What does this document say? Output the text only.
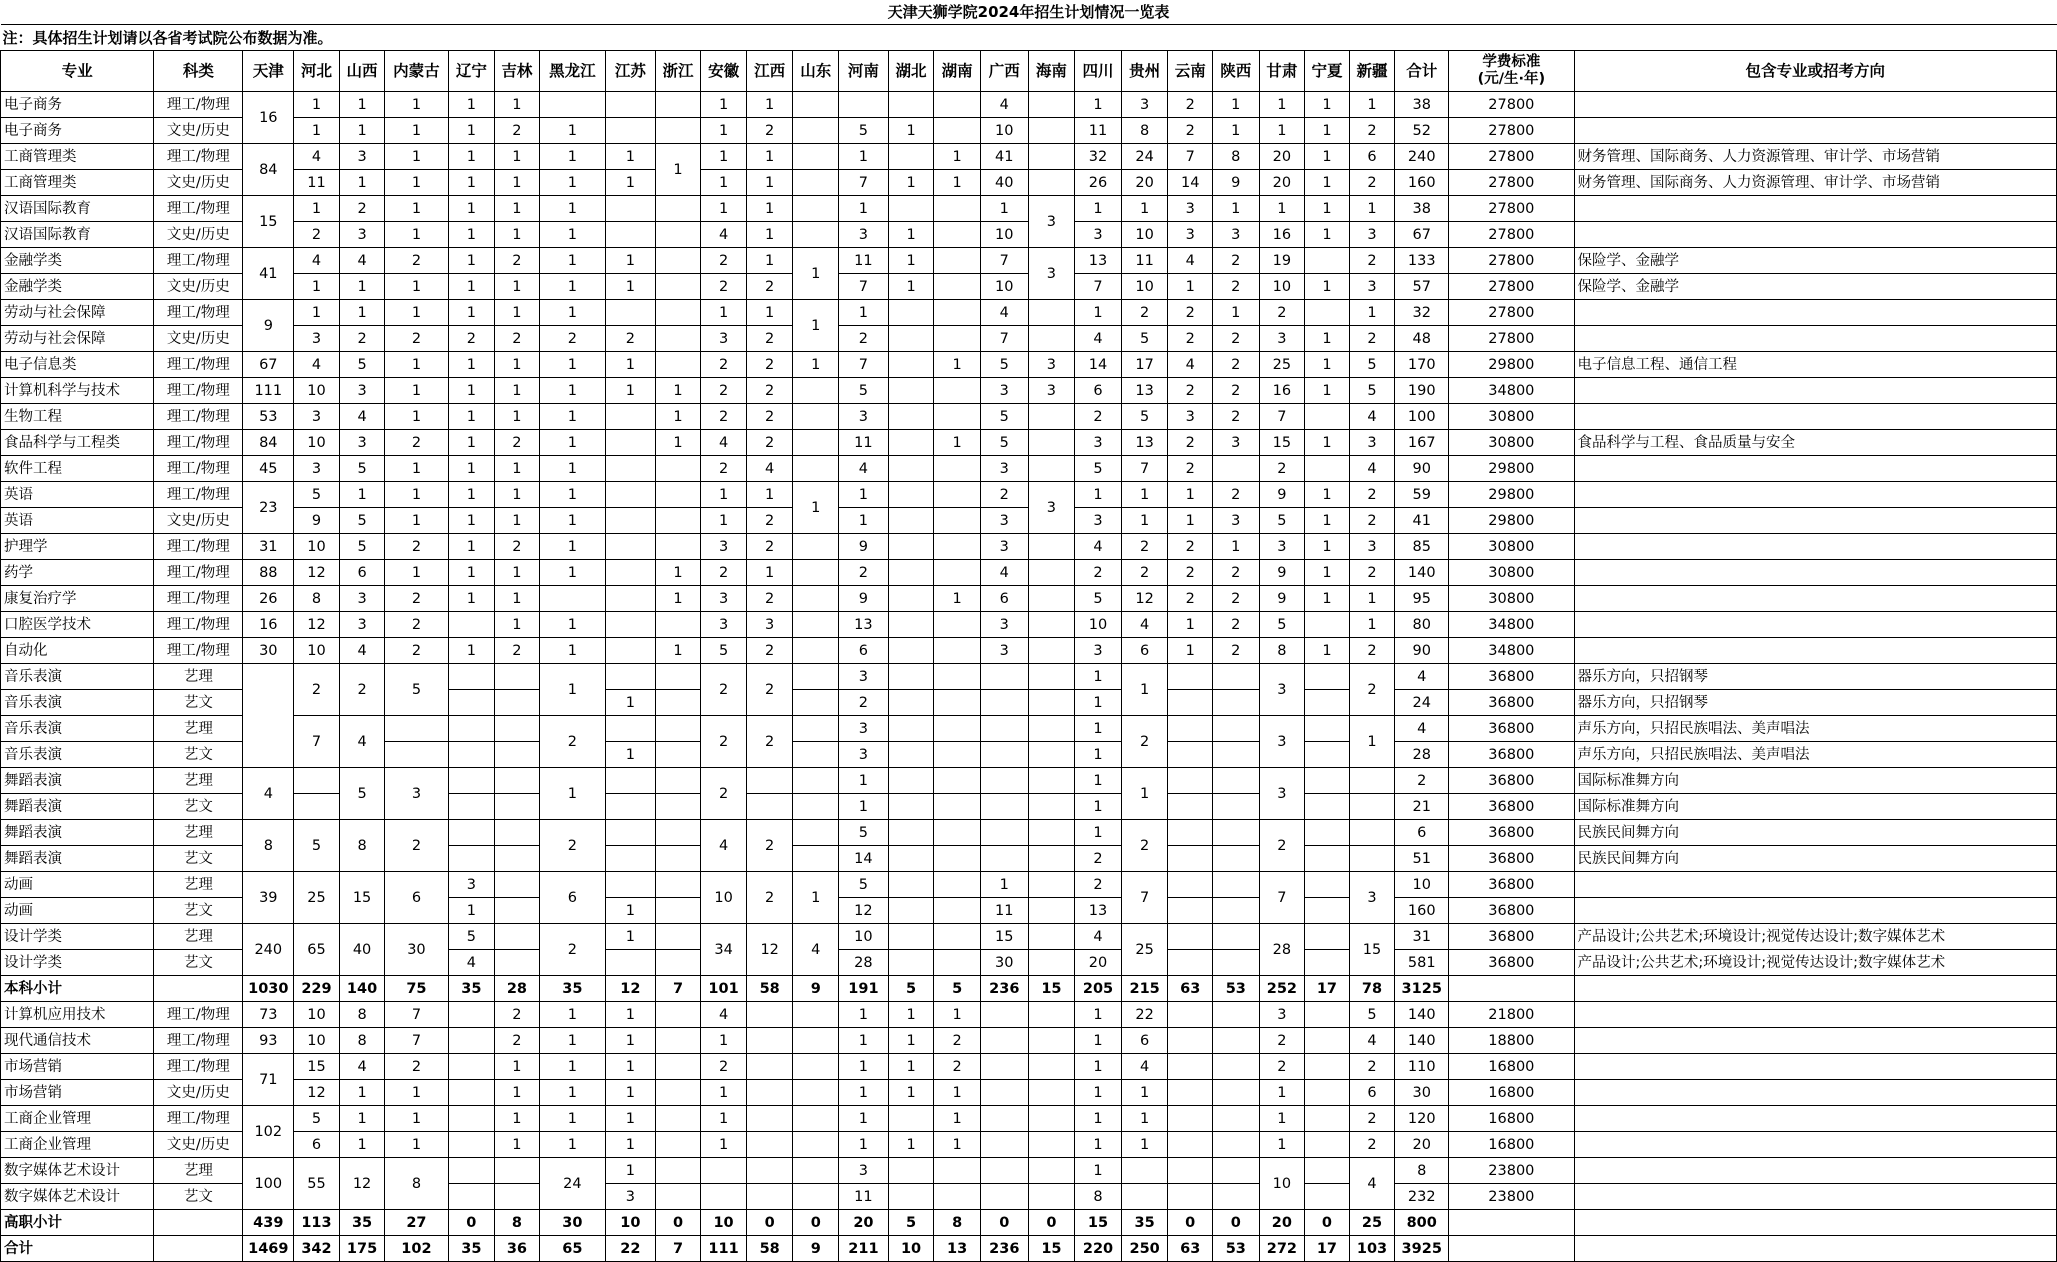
天津天狮学院2024年招生计划情况一览表																												
注：具体招生计划请以各省考试院公布数据为准。																												
专业	科类	天津	河北	山西	内蒙古	辽宁	吉林	黑龙江	江苏	浙江	安徽	江西	山东	河南	湖北	湖南	广西	海南	四川	贵州	云南	陕西	甘肃	宁夏	新疆	合计	学费标准
(元/生·年)	包含专业或招考方向
电子商务	理工/物理	16	1	1	1	1	1				1	1					4		1	3	2	1	1	1	1	38	27800	
电子商务	文史/历史		1	1	1	1	2	1			1	2		5	1		10		11	8	2	1	1	1	2	52	27800	
工商管理类	理工/物理	84	4	3	1	1	1	1	1	1	1	1		1		1	41		32	24	7	8	20	1	6	240	27800	财务管理、国际商务、人力资源管理、审计学、市场营销
工商管理类	文史/历史		11	1	1	1	1	1	1		1	1		7	1	1	40		26	20	14	9	20	1	2	160	27800	财务管理、国际商务、人力资源管理、审计学、市场营销
汉语国际教育	理工/物理	15	1	2	1	1	1	1			1	1		1			1	3	1	1	3	1	1	1	1	38	27800	
汉语国际教育	文史/历史		2	3	1	1	1	1			4	1		3	1		10		3	10	3	3	16	1	3	67	27800	
金融学类	理工/物理	41	4	4	2	1	2	1	1		2	1	1	11	1		7	3	13	11	4	2	19		2	133	27800	保险学、金融学
金融学类	文史/历史		1	1	1	1	1	1	1		2	2		7	1		10		7	10	1	2	10	1	3	57	27800	保险学、金融学
劳动与社会保障	理工/物理	9	1	1	1	1	1	1			1	1	1	1			4		1	2	2	1	2		1	32	27800	
劳动与社会保障	文史/历史		3	2	2	2	2	2	2		3	2		2			7		4	5	2	2	3	1	2	48	27800	
电子信息类	理工/物理	67	4	5	1	1	1	1	1		2	2	1	7		1	5	3	14	17	4	2	25	1	5	170	29800	电子信息工程、通信工程
计算机科学与技术	理工/物理	111	10	3	1	1	1	1	1	1	2	2		5			3	3	6	13	2	2	16	1	5	190	34800	
生物工程	理工/物理	53	3	4	1	1	1	1		1	2	2		3			5		2	5	3	2	7		4	100	30800	
食品科学与工程类	理工/物理	84	10	3	2	1	2	1		1	4	2		11		1	5		3	13	2	3	15	1	3	167	30800	食品科学与工程、食品质量与安全
软件工程	理工/物理	45	3	5	1	1	1	1			2	4		4			3		5	7	2		2		4	90	29800	
英语	理工/物理	23	5	1	1	1	1	1			1	1	1	1			2	3	1	1	1	2	9	1	2	59	29800	
英语	文史/历史		9	5	1	1	1	1			1	2		1			3		3	1	1	3	5	1	2	41	29800	
护理学	理工/物理	31	10	5	2	1	2	1			3	2		9			3		4	2	2	1	3	1	3	85	30800	
药学	理工/物理	88	12	6	1	1	1	1		1	2	1		2			4		2	2	2	2	9	1	2	140	30800	
康复治疗学	理工/物理	26	8	3	2	1	1			1	3	2		9		1	6		5	12	2	2	9	1	1	95	30800	
口腔医学技术	理工/物理	16	12	3	2		1	1			3	3		13			3		10	4	1	2	5		1	80	34800	
自动化	理工/物理	30	10	4	2	1	2	1		1	5	2		6			3		3	6	1	2	8	1	2	90	34800	
音乐表演	艺理		2	2	5			1			2	2		3					1	1			3		2	4	36800	器乐方向，只招钢琴
音乐表演	艺文								1					2					1							24	36800	器乐方向，只招钢琴
音乐表演	艺理		7	4				2			2	2		3					1	2			3		1	4	36800	声乐方向，只招民族唱法、美声唱法
音乐表演	艺文								1					3					1							28	36800	声乐方向，只招民族唱法、美声唱法
舞蹈表演	艺理	4		5	3			1			2			1					1	1			3			2	36800	国际标准舞方向
舞蹈表演	艺文													1					1							21	36800	国际标准舞方向
舞蹈表演	艺理	8	5	8	2			2			4	2		5					1	2			2			6	36800	民族民间舞方向
舞蹈表演	艺文													14					2							51	36800	民族民间舞方向
动画	艺理	39	25	15	6	3		6			10	2	1	5			1		2	7			7		3	10	36800	
动画	艺文					1			1					12			11		13							160	36800	
设计学类	艺理	240	65	40	30	5		2	1		34	12	4	10			15		4	25			28		15	31	36800	产品设计;公共艺术;环境设计;视觉传达设计;数字媒体艺术
设计学类	艺文					4								28			30		20							581	36800	产品设计;公共艺术;环境设计;视觉传达设计;数字媒体艺术
本科小计		1030	229	140	75	35	28	35	12	7	101	58	9	191	5	5	236	15	205	215	63	53	252	17	78	3125		
计算机应用技术	理工/物理	73	10	8	7		2	1	1		4			1	1	1			1	22			3		5	140	21800	
现代通信技术	理工/物理	93	10	8	7		2	1	1		1			1	1	2			1	6			2		4	140	18800	
市场营销	理工/物理	71	15	4	2		1	1	1		2			1	1	2			1	4			2		2	110	16800	
市场营销	文史/历史		12	1	1		1	1	1		1			1	1	1			1	1			1		6	30	16800	
工商企业管理	理工/物理	102	5	1	1		1	1	1		1			1		1			1	1			1		2	120	16800	
工商企业管理	文史/历史		6	1	1		1	1	1		1			1	1	1			1	1			1		2	20	16800	
数字媒体艺术设计	艺理	100	55	12	8			24	1					3					1				10		4	8	23800	
数字媒体艺术设计	艺文								3					11					8							232	23800	
高职小计		439	113	35	27	0	8	30	10	0	10	0	0	20	5	8	0	0	15	35	0	0	20	0	25	800		
合计		1469	342	175	102	35	36	65	22	7	111	58	9	211	10	13	236	15	220	250	63	53	272	17	103	3925		
